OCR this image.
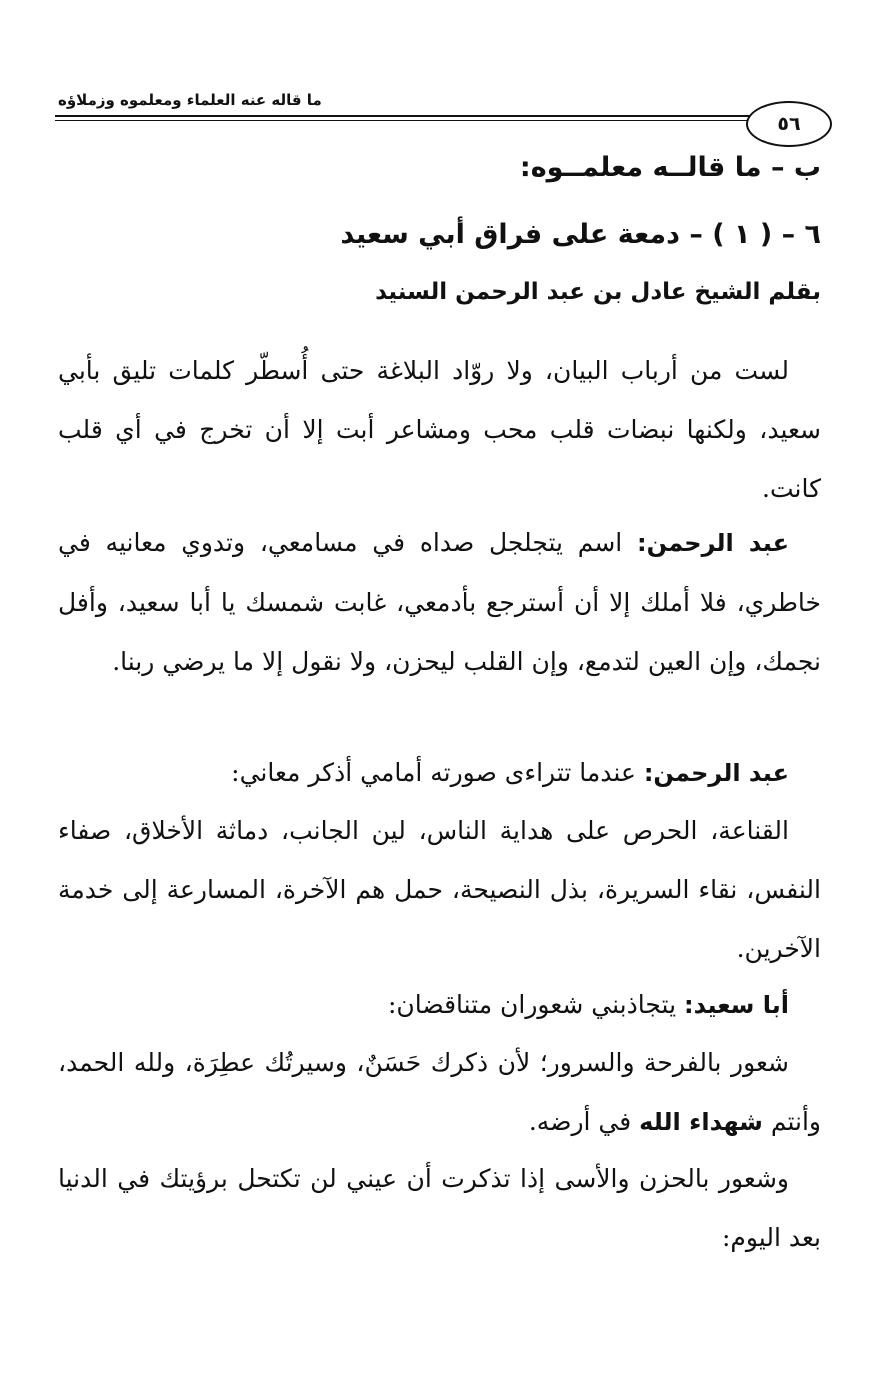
ما قاله عنه العلماء ومعلموه وزملاؤه
٥٦
ب – ما قالــه معلمــوه:
٦ – ( ١ ) – دمعة على فراق أبي سعيد
بقلم الشيخ عادل بن عبد الرحمن السنيد

لست من أرباب البيان، ولا روّاد البلاغة حتى أُسطّر كلمات تليق بأبي سعيد، ولكنها نبضات قلب محب ومشاعر أبت إلا أن تخرج في أي قلب كانت.

عبد الرحمن: اسم يتجلجل صداه في مسامعي، وتدوي معانيه في خاطري، فلا أملك إلا أن أسترجع بأدمعي، غابت شمسك يا أبا سعيد، وأفل نجمك، وإن العين لتدمع، وإن القلب ليحزن، ولا نقول إلا ما يرضي ربنا.

عبد الرحمن: عندما تتراءى صورته أمامي أذكر معاني:

القناعة، الحرص على هداية الناس، لين الجانب، دماثة الأخلاق، صفاء النفس، نقاء السريرة، بذل النصيحة، حمل هم الآخرة، المسارعة إلى خدمة الآخرين.

أبا سعيد: يتجاذبني شعوران متناقضان:

شعور بالفرحة والسرور؛ لأن ذكرك حَسَنٌ، وسيرتُك عطِرَة، ولله الحمد، وأنتم شهداء الله في أرضه.

وشعور بالحزن والأسى إذا تذكرت أن عيني لن تكتحل برؤيتك في الدنيا بعد اليوم:
